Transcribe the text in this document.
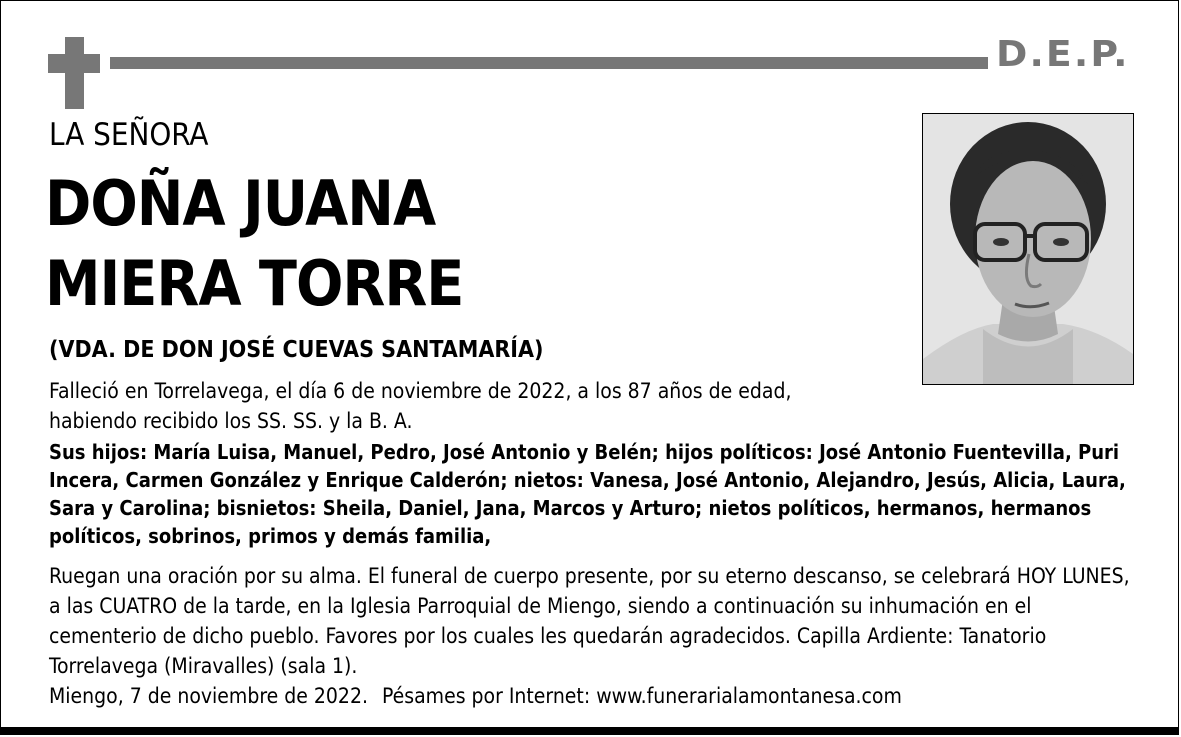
D.E.P.
LA SEÑORA
DOÑA JUANA
MIERA TORRE
(VDA. DE DON JOSÉ CUEVAS SANTAMARÍA)

Falleció en Torrelavega, el día 6 de noviembre de 2022, a los 87 años de edad, habiendo recibido los SS. SS. y la B. A.

Sus hijos: María Luisa, Manuel, Pedro, José Antonio y Belén; hijos políticos: José Antonio Fuentevilla, Puri Incera, Carmen González y Enrique Calderón; nietos: Vanesa, José Antonio, Alejandro, Jesús, Alicia, Laura, Sara y Carolina; bisnietos: Sheila, Daniel, Jana, Marcos y Arturo; nietos políticos, hermanos, hermanos políticos, sobrinos, primos y demás familia,

Ruegan una oración por su alma. El funeral de cuerpo presente, por su eterno descanso, se celebrará HOY LUNES, a las CUATRO de la tarde, en la Iglesia Parroquial de Miengo, siendo a continuación su inhumación en el cementerio de dicho pueblo. Favores por los cuales les quedarán agradecidos. Capilla Ardiente: Tanatorio Torrelavega (Miravalles) (sala 1).

Miengo, 7 de noviembre de 2022. Pésames por Internet: www.funerarialamontanesa.com
